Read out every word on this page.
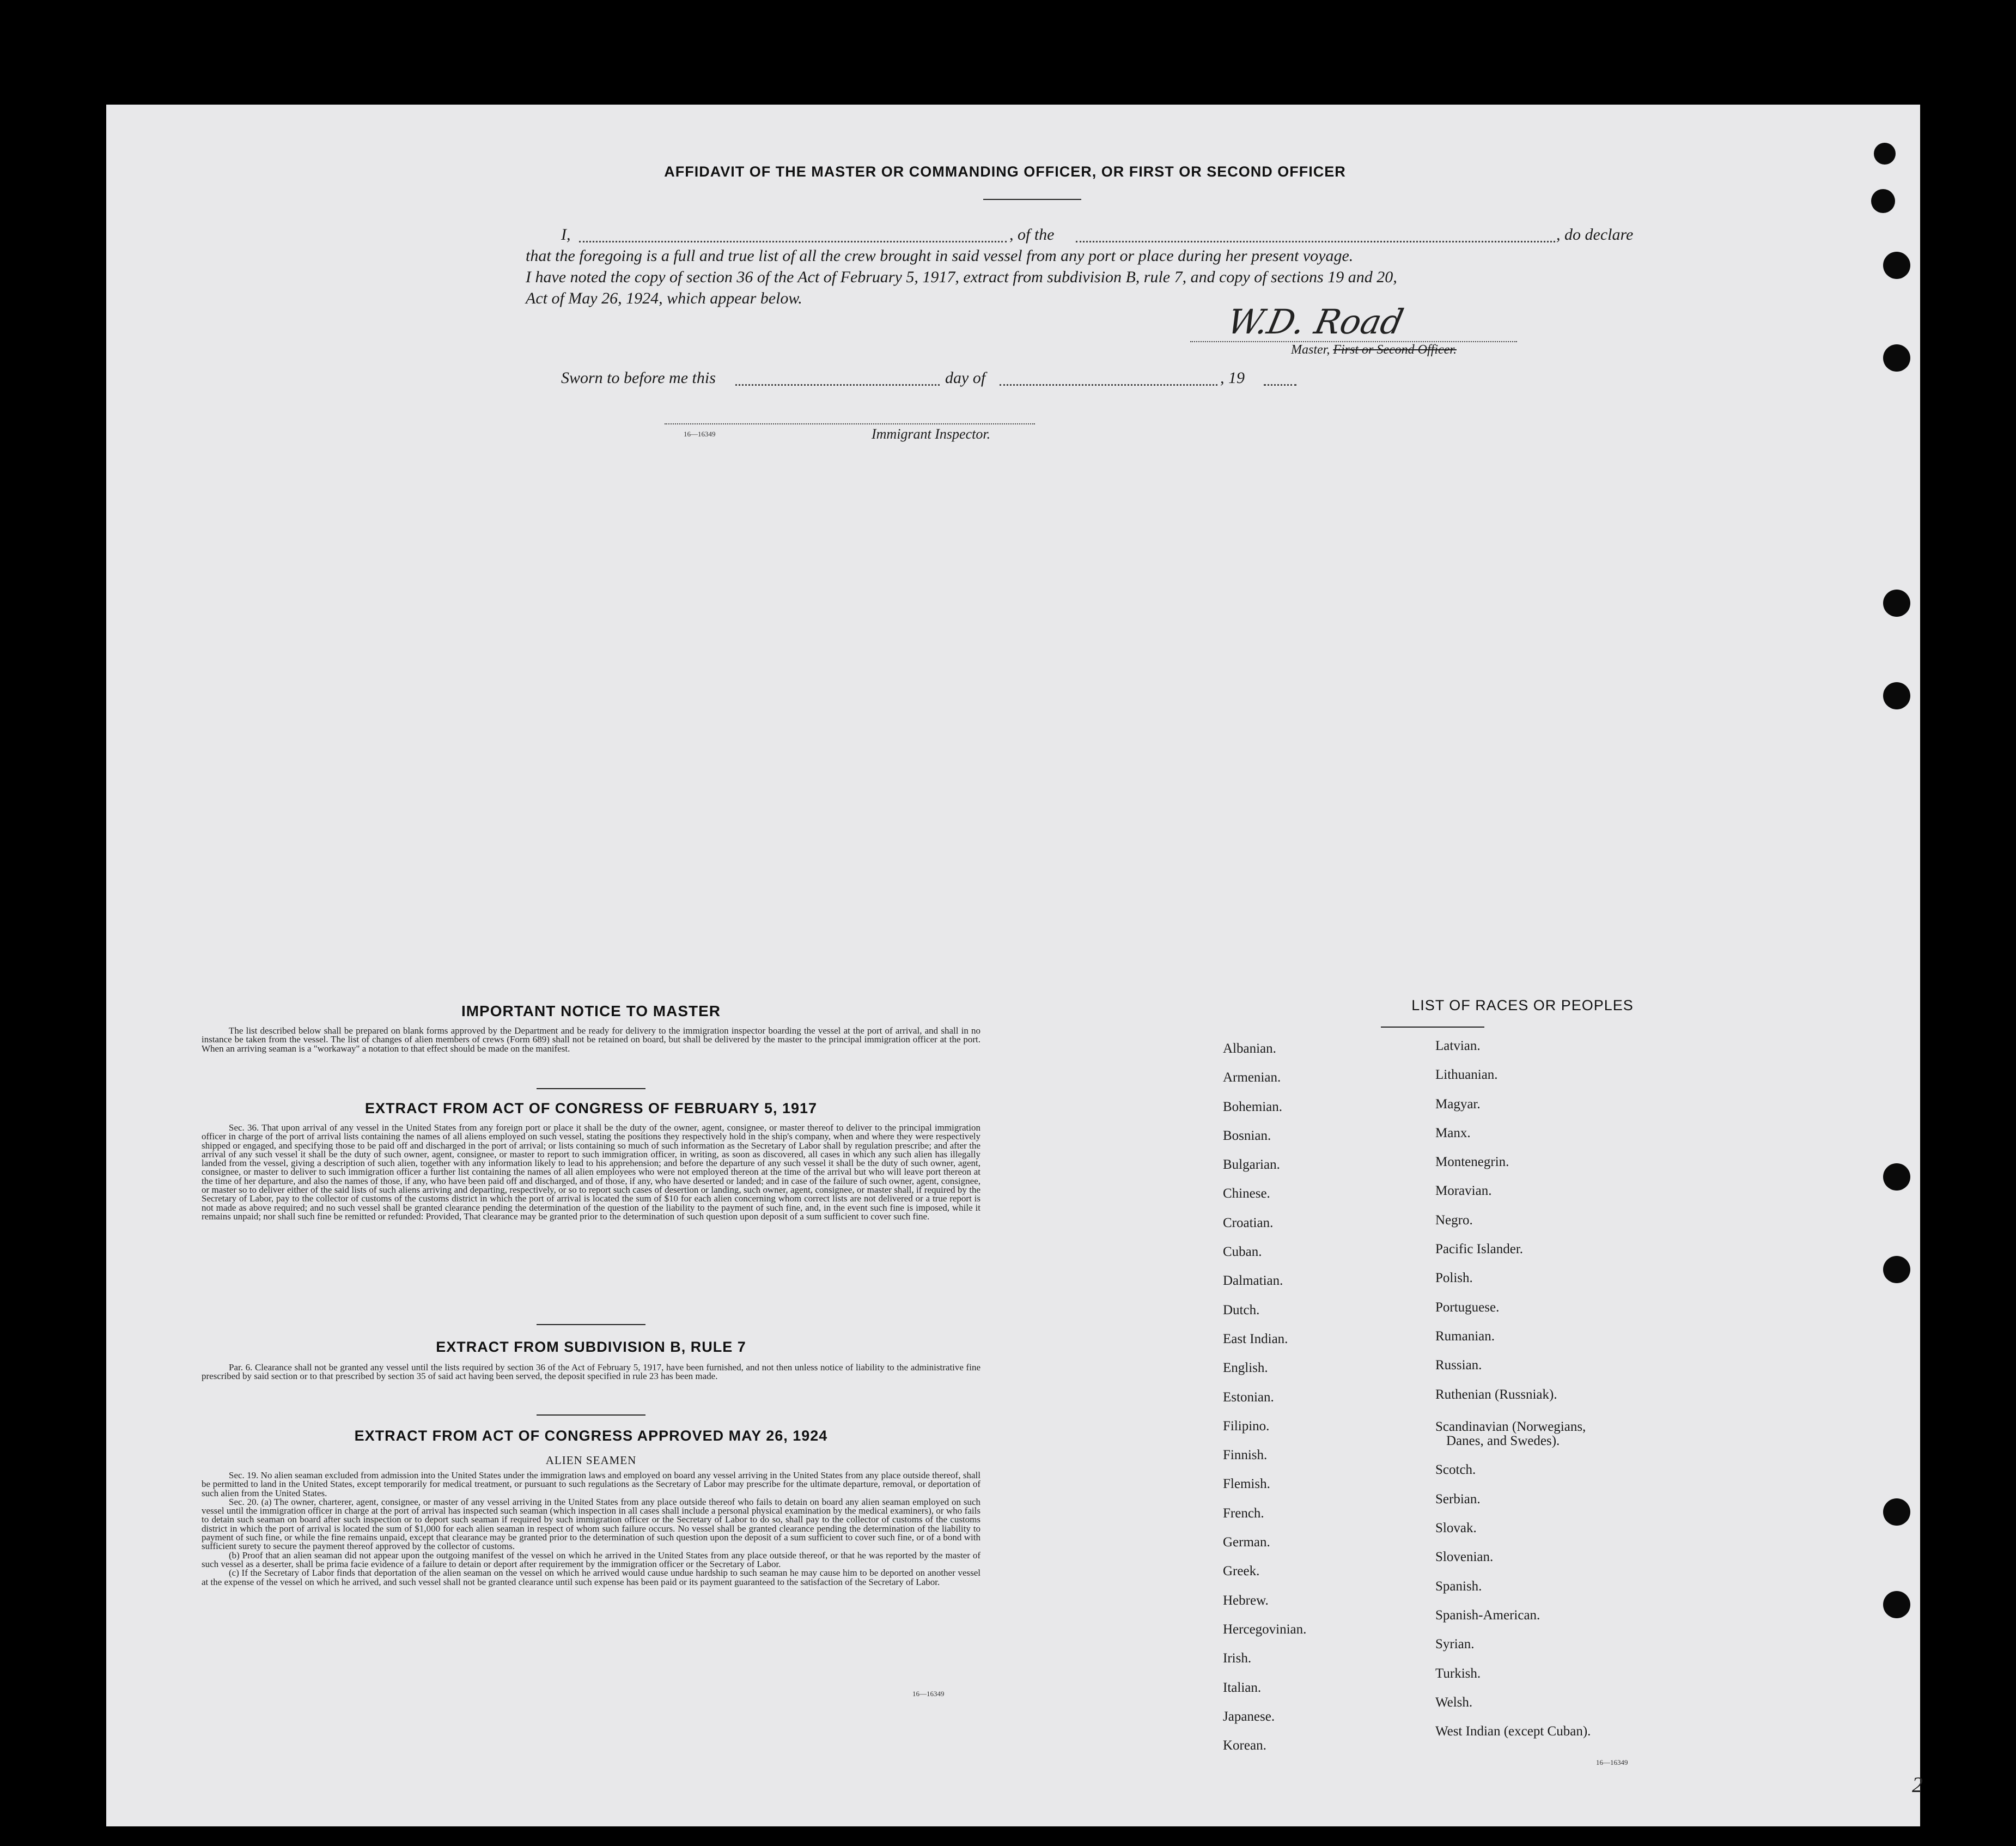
AFFIDAVIT OF THE MASTER OR COMMANDING OFFICER, OR FIRST OR SECOND OFFICER
I,	, of the	, do declare
that the foregoing is a full and true list of all the crew brought in said vessel from any port or place during her present voyage.
I have noted the copy of section 36 of the Act of February 5, 1917, extract from subdivision B, rule 7, and copy of sections 19 and 20,
Act of May 26, 1924, which appear below.
W.D. Road
Master, First or Second Officer.
Sworn to before me this	day of	, 19
16—16349	Immigrant Inspector.
IMPORTANT NOTICE TO MASTER

The list described below shall be prepared on blank forms approved by the Department and be ready for delivery to the immigration inspector boarding the vessel at the port of arrival, and shall in no instance be taken from the vessel. The list of changes of alien members of crews (Form 689) shall not be retained on board, but shall be delivered by the master to the principal immigration officer at the port. When an arriving seaman is a "workaway" a notation to that effect should be made on the manifest.

EXTRACT FROM ACT OF CONGRESS OF FEBRUARY 5, 1917

Sec. 36. That upon arrival of any vessel in the United States from any foreign port or place it shall be the duty of the owner, agent, consignee, or master thereof to deliver to the principal immigration officer in charge of the port of arrival lists containing the names of all aliens employed on such vessel, stating the positions they respectively hold in the ship's company, when and where they were respectively shipped or engaged, and specifying those to be paid off and discharged in the port of arrival; or lists containing so much of such information as the Secretary of Labor shall by regulation prescribe; and after the arrival of any such vessel it shall be the duty of such owner, agent, consignee, or master to report to such immigration officer, in writing, as soon as discovered, all cases in which any such alien has illegally landed from the vessel, giving a description of such alien, together with any information likely to lead to his apprehension; and before the departure of any such vessel it shall be the duty of such owner, agent, consignee, or master to deliver to such immigration officer a further list containing the names of all alien employees who were not employed thereon at the time of the arrival but who will leave port thereon at the time of her departure, and also the names of those, if any, who have been paid off and discharged, and of those, if any, who have deserted or landed; and in case of the failure of such owner, agent, consignee, or master so to deliver either of the said lists of such aliens arriving and departing, respectively, or so to report such cases of desertion or landing, such owner, agent, consignee, or master shall, if required by the Secretary of Labor, pay to the collector of customs of the customs district in which the port of arrival is located the sum of $10 for each alien concerning whom correct lists are not delivered or a true report is not made as above required; and no such vessel shall be granted clearance pending the determination of the question of the liability to the payment of such fine, and, in the event such fine is imposed, while it remains unpaid; nor shall such fine be remitted or refunded: Provided, That clearance may be granted prior to the determination of such question upon deposit of a sum sufficient to cover such fine.

EXTRACT FROM SUBDIVISION B, RULE 7

Par. 6. Clearance shall not be granted any vessel until the lists required by section 36 of the Act of February 5, 1917, have been furnished, and not then unless notice of liability to the administrative fine prescribed by said section or to that prescribed by section 35 of said act having been served, the deposit specified in rule 23 has been made.

EXTRACT FROM ACT OF CONGRESS APPROVED MAY 26, 1924
ALIEN SEAMEN

Sec. 19. No alien seaman excluded from admission into the United States under the immigration laws and employed on board any vessel arriving in the United States from any place outside thereof, shall be permitted to land in the United States, except temporarily for medical treatment, or pursuant to such regulations as the Secretary of Labor may prescribe for the ultimate departure, removal, or deportation of such alien from the United States.

Sec. 20. (a) The owner, charterer, agent, consignee, or master of any vessel arriving in the United States from any place outside thereof who fails to detain on board any alien seaman employed on such vessel until the immigration officer in charge at the port of arrival has inspected such seaman (which inspection in all cases shall include a personal physical examination by the medical examiners), or who fails to detain such seaman on board after such inspection or to deport such seaman if required by such immigration officer or the Secretary of Labor to do so, shall pay to the collector of customs of the customs district in which the port of arrival is located the sum of $1,000 for each alien seaman in respect of whom such failure occurs. No vessel shall be granted clearance pending the determination of the liability to payment of such fine, or while the fine remains unpaid, except that clearance may be granted prior to the determination of such question upon the deposit of a sum sufficient to cover such fine, or of a bond with sufficient surety to secure the payment thereof approved by the collector of customs.

(b) Proof that an alien seaman did not appear upon the outgoing manifest of the vessel on which he arrived in the United States from any place outside thereof, or that he was reported by the master of such vessel as a deserter, shall be prima facie evidence of a failure to detain or deport after requirement by the immigration officer or the Secretary of Labor.

(c) If the Secretary of Labor finds that deportation of the alien seaman on the vessel on which he arrived would cause undue hardship to such seaman he may cause him to be deported on another vessel at the expense of the vessel on which he arrived, and such vessel shall not be granted clearance until such expense has been paid or its payment guaranteed to the satisfaction of the Secretary of Labor.

16—16349
LIST OF RACES OR PEOPLES
Albanian.
Armenian.
Bohemian.
Bosnian.
Bulgarian.
Chinese.
Croatian.
Cuban.
Dalmatian.
Dutch.
East Indian.
English.
Estonian.
Filipino.
Finnish.
Flemish.
French.
German.
Greek.
Hebrew.
Hercegovinian.
Irish.
Italian.
Japanese.
Korean.
Latvian.
Lithuanian.
Magyar.
Manx.
Montenegrin.
Moravian.
Negro.
Pacific Islander.
Polish.
Portuguese.
Rumanian.
Russian.
Ruthenian (Russniak).
Scandinavian (Norwegians,
Danes, and Swedes).
Scotch.
Serbian.
Slovak.
Slovenian.
Spanish.
Spanish-American.
Syrian.
Turkish.
Welsh.
West Indian (except Cuban).
16—16349
2
